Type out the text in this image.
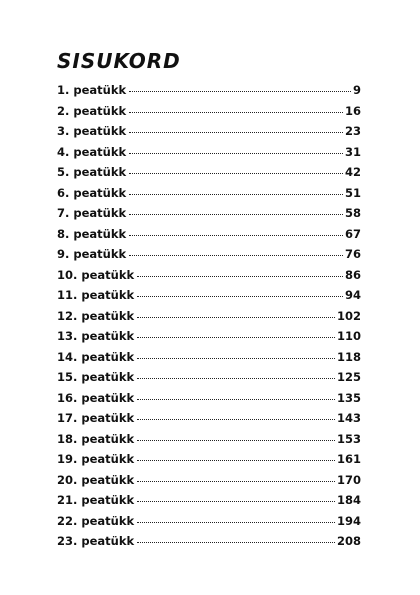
SISUKORD
1. peatükk	9
2. peatükk	16
3. peatükk	23
4. peatükk	31
5. peatükk	42
6. peatükk	51
7. peatükk	58
8. peatükk	67
9. peatükk	76
10. peatükk	86
11. peatükk	94
12. peatükk	102
13. peatükk	110
14. peatükk	118
15. peatükk	125
16. peatükk	135
17. peatükk	143
18. peatükk	153
19. peatükk	161
20. peatükk	170
21. peatükk	184
22. peatükk	194
23. peatükk	208
